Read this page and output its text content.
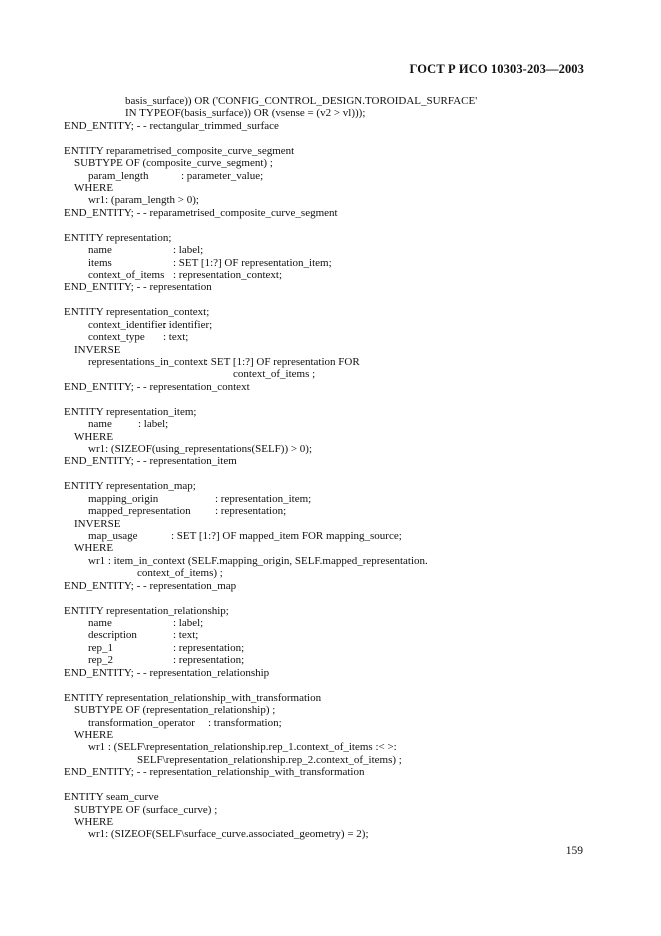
ГОСТ Р ИСО 10303-203—2003
basis_surface)) OR ('CONFIG_CONTROL_DESIGN.TOROIDAL_SURFACE'
IN TYPEOF(basis_surface)) OR (vsense = (v2 > vl)));
END_ENTITY; - - rectangular_trimmed_surface
ENTITY reparametrised_composite_curve_segment
SUBTYPE OF (composite_curve_segment) ;
param_length	: parameter_value;
WHERE
wr1: (param_length > 0);
END_ENTITY; - - reparametrised_composite_curve_segment
ENTITY representation;
name	: label;
items	: SET [1:?] OF representation_item;
context_of_items : representation_context;
END_ENTITY; - - representation
ENTITY representation_context;
context_identifier
: identifier;
context_type : text;
INVERSE
representations_in_context
: SET [1:?] OF representation FOR
context_of_items ;
END_ENTITY; - - representation_context
ENTITY representation_item;
name : label;
WHERE
wr1: (SIZEOF(using_representations(SELF)) > 0);
END_ENTITY; - - representation_item
ENTITY representation_map;
mapping_origin	: representation_item;
mapped_representation : representation;
INVERSE
map_usage	: SET [1:?] OF mapped_item FOR mapping_source;
WHERE
wr1 : item_in_context (SELF.mapping_origin, SELF.mapped_representation.
context_of_items) ;
END_ENTITY; - - representation_map
ENTITY representation_relationship;
name	: label;
description	: text;
rep_1	: representation;
rep_2	: representation;
END_ENTITY; - - representation_relationship
ENTITY representation_relationship_with_transformation
SUBTYPE OF (representation_relationship) ;
transformation_operator : transformation;
WHERE
wr1 : (SELF\representation_relationship.rep_1.context_of_items :< >:
SELF\representation_relationship.rep_2.context_of_items) ;
END_ENTITY; - - representation_relationship_with_transformation
ENTITY seam_curve
SUBTYPE OF (surface_curve) ;
WHERE
wr1: (SIZEOF(SELF\surface_curve.associated_geometry) = 2);
159
